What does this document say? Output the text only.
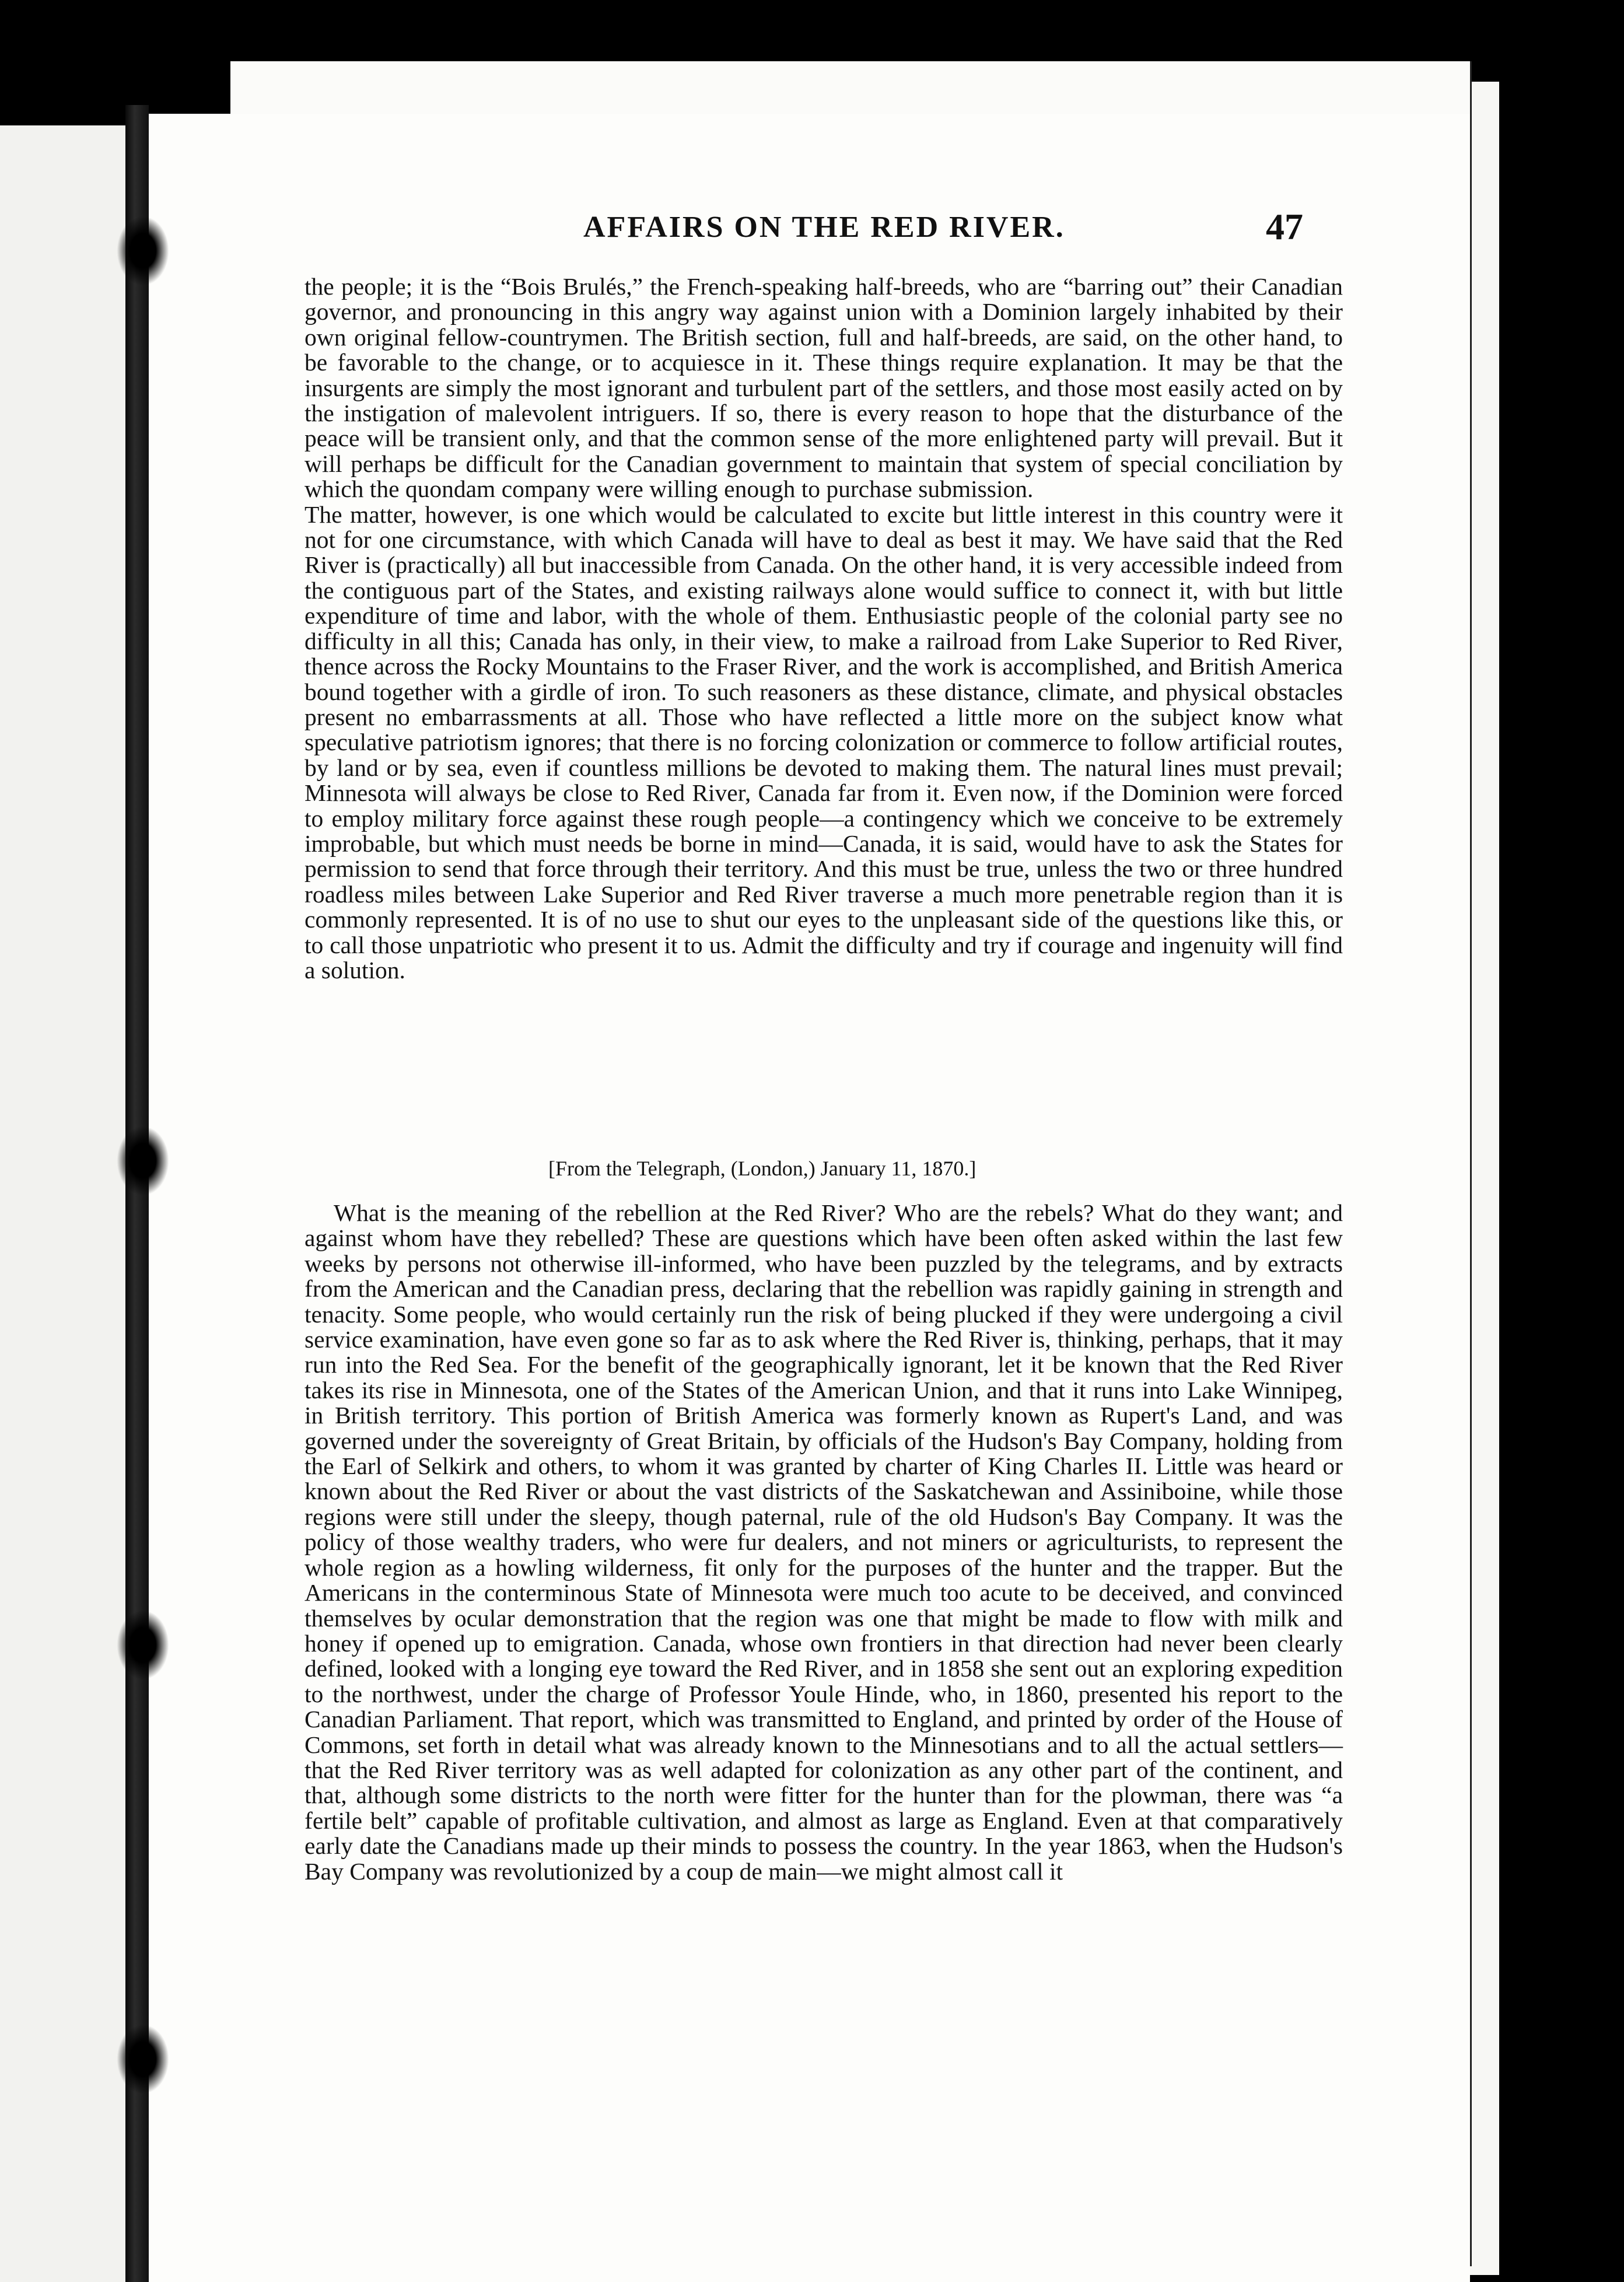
AFFAIRS ON THE RED RIVER.	47

the people; it is the “Bois Brulés,” the French-speaking half-breeds, who are “barring out” their Canadian governor, and pronouncing in this angry way against union with a Dominion largely inhabited by their own original fellow-countrymen. The British section, full and half-breeds, are said, on the other hand, to be favorable to the change, or to acquiesce in it. These things require explanation. It may be that the insurgents are simply the most ignorant and turbulent part of the settlers, and those most easily acted on by the instigation of malevolent intriguers. If so, there is every reason to hope that the disturbance of the peace will be transient only, and that the common sense of the more enlightened party will prevail. But it will perhaps be difficult for the Canadian government to maintain that system of special conciliation by which the quondam company were willing enough to purchase submission.

The matter, however, is one which would be calculated to excite but little interest in this country were it not for one circumstance, with which Canada will have to deal as best it may. We have said that the Red River is (practically) all but inaccessible from Canada. On the other hand, it is very accessible indeed from the contiguous part of the States, and existing railways alone would suffice to connect it, with but little expenditure of time and labor, with the whole of them. Enthusiastic people of the colonial party see no difficulty in all this; Canada has only, in their view, to make a railroad from Lake Superior to Red River, thence across the Rocky Mountains to the Fraser River, and the work is accomplished, and British America bound together with a girdle of iron. To such reasoners as these distance, climate, and physical obstacles present no embarrassments at all. Those who have reflected a little more on the subject know what speculative patriotism ignores; that there is no forcing colonization or commerce to follow artificial routes, by land or by sea, even if countless millions be devoted to making them. The natural lines must prevail; Minnesota will always be close to Red River, Canada far from it. Even now, if the Dominion were forced to employ military force against these rough people—a contingency which we conceive to be extremely improbable, but which must needs be borne in mind—Canada, it is said, would have to ask the States for permission to send that force through their territory. And this must be true, unless the two or three hundred roadless miles between Lake Superior and Red River traverse a much more penetrable region than it is commonly represented. It is of no use to shut our eyes to the unpleasant side of the questions like this, or to call those unpatriotic who present it to us. Admit the difficulty and try if courage and ingenuity will find a solution.

[From the Telegraph, (London,) January 11, 1870.]

What is the meaning of the rebellion at the Red River? Who are the rebels? What do they want; and against whom have they rebelled? These are questions which have been often asked within the last few weeks by persons not otherwise ill-informed, who have been puzzled by the telegrams, and by extracts from the American and the Canadian press, declaring that the rebellion was rapidly gaining in strength and tenacity. Some people, who would certainly run the risk of being plucked if they were undergoing a civil service examination, have even gone so far as to ask where the Red River is, thinking, perhaps, that it may run into the Red Sea. For the benefit of the geographically ignorant, let it be known that the Red River takes its rise in Minnesota, one of the States of the American Union, and that it runs into Lake Winnipeg, in British territory. This portion of British America was formerly known as Rupert's Land, and was governed under the sovereignty of Great Britain, by officials of the Hudson's Bay Company, holding from the Earl of Selkirk and others, to whom it was granted by charter of King Charles II. Little was heard or known about the Red River or about the vast districts of the Saskatchewan and Assiniboine, while those regions were still under the sleepy, though paternal, rule of the old Hudson's Bay Company. It was the policy of those wealthy traders, who were fur dealers, and not miners or agriculturists, to represent the whole region as a howling wilderness, fit only for the purposes of the hunter and the trapper. But the Americans in the conterminous State of Minnesota were much too acute to be deceived, and convinced themselves by ocular demonstration that the region was one that might be made to flow with milk and honey if opened up to emigration. Canada, whose own frontiers in that direction had never been clearly defined, looked with a longing eye toward the Red River, and in 1858 she sent out an exploring expedition to the northwest, under the charge of Professor Youle Hinde, who, in 1860, presented his report to the Canadian Parliament. That report, which was transmitted to England, and printed by order of the House of Commons, set forth in detail what was already known to the Minnesotians and to all the actual settlers—that the Red River territory was as well adapted for colonization as any other part of the continent, and that, although some districts to the north were fitter for the hunter than for the plowman, there was “a fertile belt” capable of profitable cultivation, and almost as large as England. Even at that comparatively early date the Canadians made up their minds to possess the country. In the year 1863, when the Hudson's Bay Company was revolutionized by a coup de main—we might almost call it
